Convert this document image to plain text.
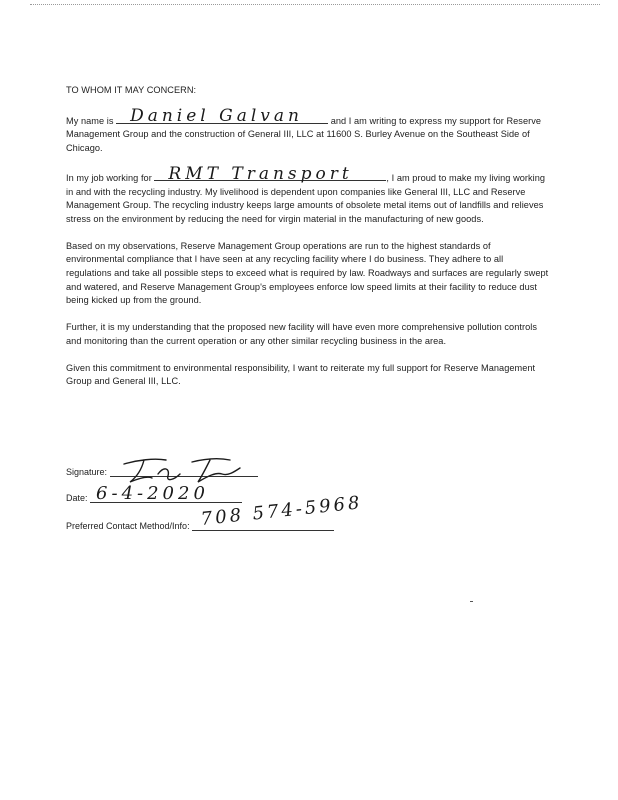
TO WHOM IT MAY CONCERN:

My name is Daniel Galvan	and I am writing to express my support for Reserve Management Group and the construction of General III, LLC at 11600 S. Burley Avenue on the Southeast Side of Chicago.

In my job working for RMT Transport	, I am proud to make my living working in and with the recycling industry. My livelihood is dependent upon companies like General III, LLC and Reserve Management Group. The recycling industry keeps large amounts of obsolete metal items out of landfills and relieves stress on the environment by reducing the need for virgin material in the manufacturing of new goods.

Based on my observations, Reserve Management Group operations are run to the highest standards of environmental compliance that I have seen at any recycling facility where I do business. They adhere to all regulations and take all possible steps to exceed what is required by law. Roadways and surfaces are regularly swept and watered, and Reserve Management Group's employees enforce low speed limits at their facility to reduce dust being kicked up from the ground.

Further, it is my understanding that the proposed new facility will have even more comprehensive pollution controls and monitoring than the current operation or any other similar recycling business in the area.

Given this commitment to environmental responsibility, I want to reiterate my full support for Reserve Management Group and General III, LLC.

Signature:
Date: 6-4-2020
Preferred Contact Method/Info: 708 574-5968
